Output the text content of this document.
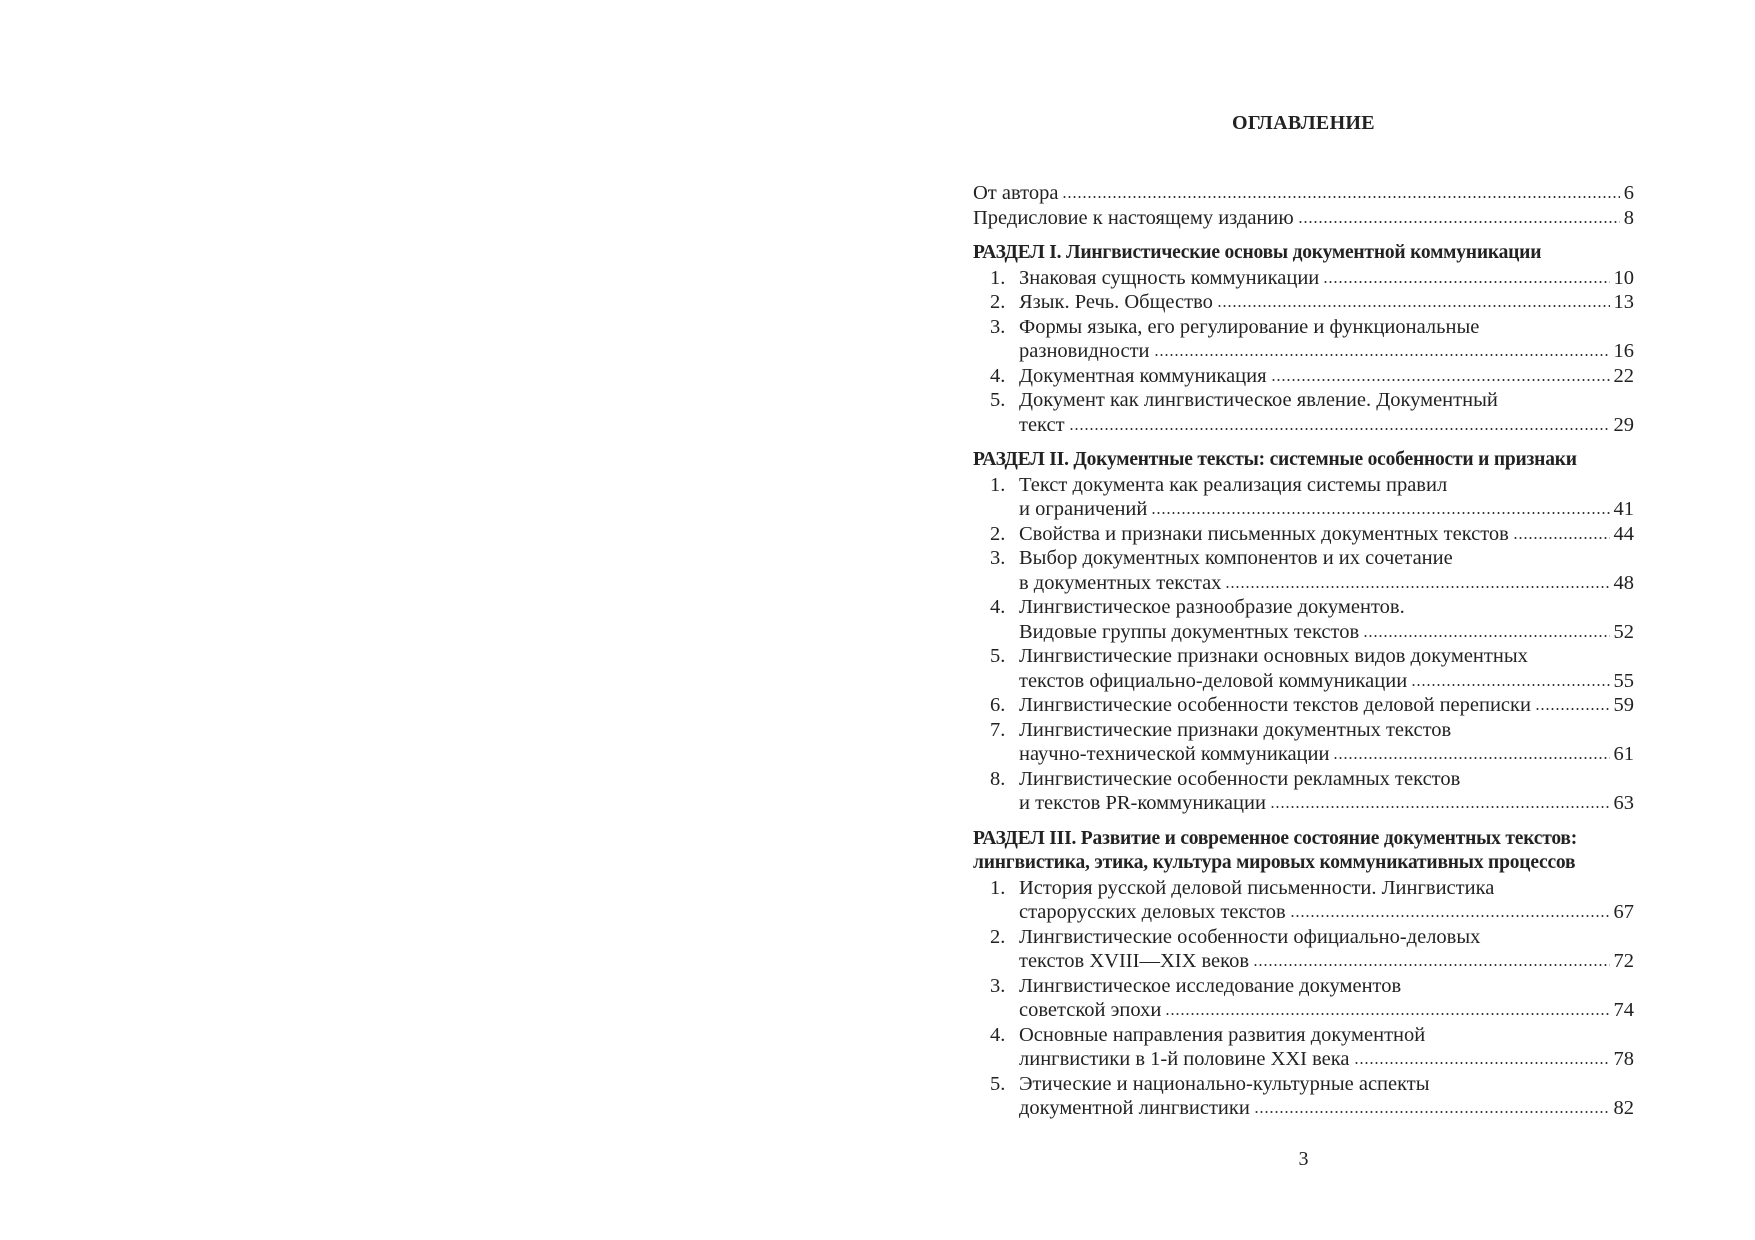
ОГЛАВЛЕНИЕ
От автора	6
Предисловие к настоящему изданию	8
РАЗДЕЛ I. Лингвистические основы документной коммуникации
1. Знаковая сущность коммуникации	10
2. Язык. Речь. Общество	13
3. Формы языка, его регулирование и функциональные
разновидности	16
4. Документная коммуникация	22
5. Документ как лингвистическое явление. Документный
текст	29
РАЗДЕЛ II. Документные тексты: системные особенности и признаки
1. Текст документа как реализация системы правил
и ограничений	41
2. Свойства и признаки письменных документных текстов	44
3. Выбор документных компонентов и их сочетание
в документных текстах	48
4. Лингвистическое разнообразие документов.
Видовые группы документных текстов	52
5. Лингвистические признаки основных видов документных
текстов официально-деловой коммуникации	55
6. Лингвистические особенности текстов деловой переписки	59
7. Лингвистические признаки документных текстов
научно-технической коммуникации	61
8. Лингвистические особенности рекламных текстов
и текстов PR-коммуникации	63
РАЗДЕЛ III. Развитие и современное состояние документных текстов:
лингвистика, этика, культура мировых коммуникативных процессов
1. История русской деловой письменности. Лингвистика
старорусских деловых текстов	67
2. Лингвистические особенности официально-деловых
текстов XVIII—XIX веков	72
3. Лингвистическое исследование документов
советской эпохи	74
4. Основные направления развития документной
лингвистики в 1-й половине XXI века	78
5. Этические и национально-культурные аспекты
документной лингвистики	82
3
